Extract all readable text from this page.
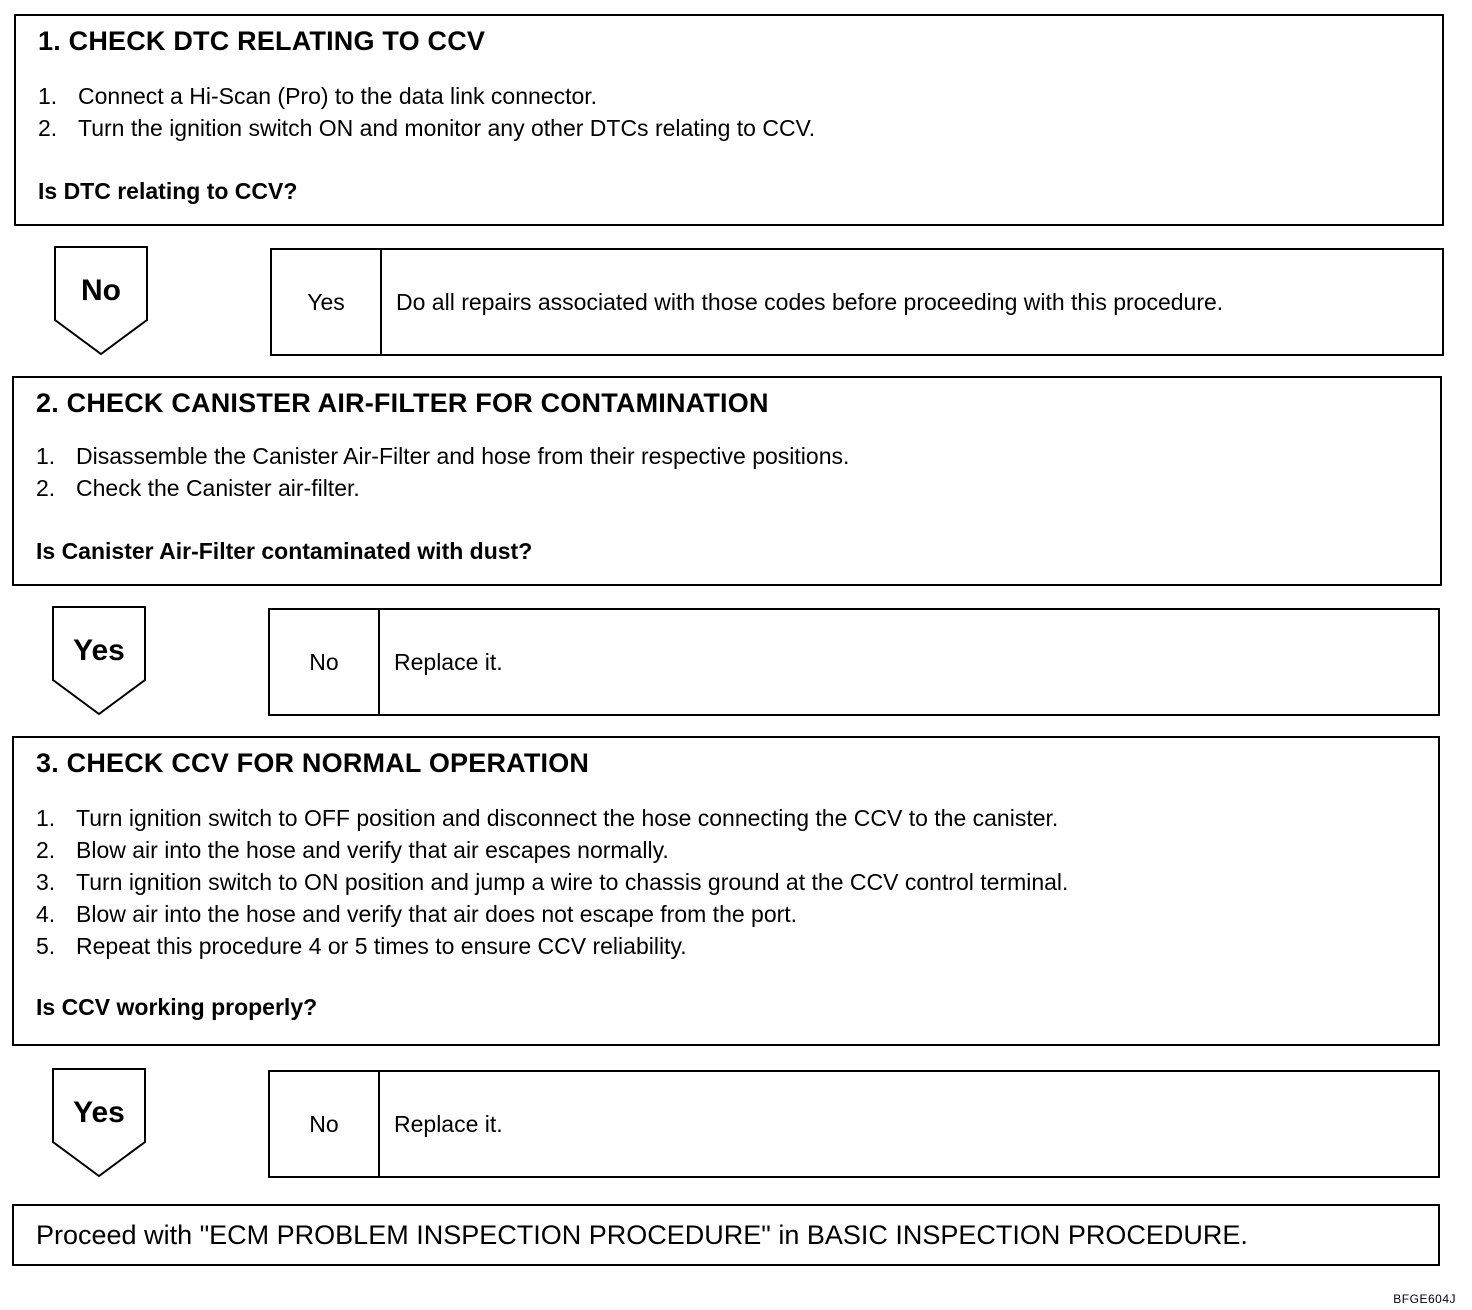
1. CHECK DTC RELATING TO CCV
1. Connect a Hi-Scan (Pro) to the data link connector.
2. Turn the ignition switch ON and monitor any other DTCs relating to CCV.

Is DTC relating to CCV?

No	Yes	Do all repairs associated with those codes before proceeding with this procedure.
2. CHECK CANISTER AIR-FILTER FOR CONTAMINATION
1. Disassemble the Canister Air-Filter and hose from their respective positions.
2. Check the Canister air-filter.

Is Canister Air-Filter contaminated with dust?

Yes	No	Replace it.
3. CHECK CCV FOR NORMAL OPERATION
1. Turn ignition switch to OFF position and disconnect the hose connecting the CCV to the canister.
2. Blow air into the hose and verify that air escapes normally.
3. Turn ignition switch to ON position and jump a wire to chassis ground at the CCV control terminal.
4. Blow air into the hose and verify that air does not escape from the port.
5. Repeat this procedure 4 or 5 times to ensure CCV reliability.

Is CCV working properly?

Yes	No	Replace it.
Proceed with "ECM PROBLEM INSPECTION PROCEDURE" in BASIC INSPECTION PROCEDURE.
BFGE604J
